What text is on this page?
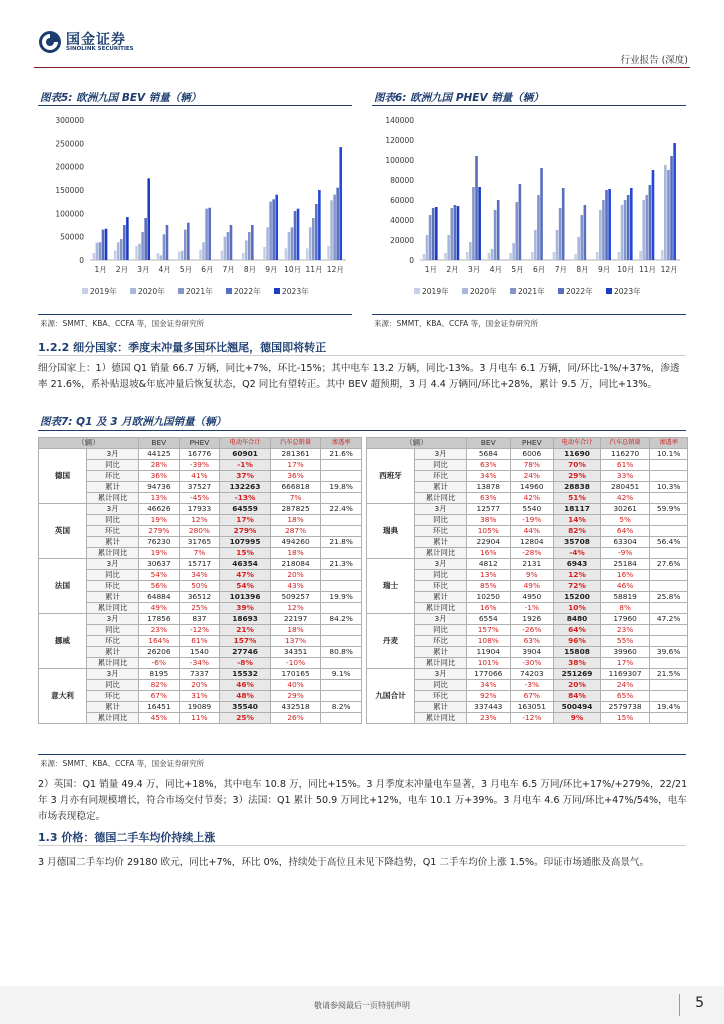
国金证券
SINOLINK SECURITIES
行业报告 (深度)
图表5: 欧洲九国 BEV 销量（辆）
0
50000
100000
150000
200000
250000
300000
1月 2月 3月 4月 5月 6月 7月 8月 9月 10月 11月 12月
2019年	2020年	2021年	2022年	2023年
来源：SMMT、KBA、CCFA 等，国金证券研究所
图表6: 欧洲九国 PHEV 销量（辆）
0
20000
40000
60000
80000
100000
120000
140000
1月 2月 3月 4月 5月 6月 7月 8月 9月 10月 11月 12月
2019年	2020年	2021年	2022年	2023年
来源：SMMT、KBA、CCFA 等，国金证券研究所
1.2.2 细分国家：季度末冲量多国环比翘尾，德国即将转正
细分国家上：1）德国 Q1 销量 66.7 万辆，同比+7%，环比-15%；其中电车 13.2 万辆，同比-13%。3 月电车 6.1 万辆，同/环比-1%/+37%，渗透率 21.6%，系补贴退坡&年底冲量后恢复状态，Q2 同比有望转正。其中 BEV 超预期，3 月 4.4 万辆同/环比+28%，累计 9.5 万，同比+13%。
图表7: Q1 及 3 月欧洲九国销量（辆）
（辆）		BEV	PHEV	电动车合计	汽车总销量	渗透率
德国	3月	44125	16776	60901	281361	21.6%
	同比	28%	-39%	-1%	17%	
	环比	36%	41%	37%	36%	
	累计	94736	37527	132263	666818	19.8%
	累计同比	13%	-45%	-13%	7%	
英国	3月	46626	17933	64559	287825	22.4%
	同比	19%	12%	17%	18%	
	环比	279%	280%	279%	287%	
	累计	76230	31765	107995	494260	21.8%
	累计同比	19%	7%	15%	18%	
法国	3月	30637	15717	46354	218084	21.3%
	同比	54%	34%	47%	20%	
	环比	56%	50%	54%	43%	
	累计	64884	36512	101396	509257	19.9%
	累计同比	49%	25%	39%	12%	
挪威	3月	17856	837	18693	22197	84.2%
	同比	23%	-12%	21%	18%	
	环比	164%	61%	157%	137%	
	累计	26206	1540	27746	34351	80.8%
	累计同比	-6%	-34%	-8%	-10%	
意大利	3月	8195	7337	15532	170165	9.1%
	同比	82%	20%	46%	40%	
	环比	67%	31%	48%	29%	
	累计	16451	19089	35540	432518	8.2%
	累计同比	45%	11%	25%	26%	
（辆）		BEV	PHEV	电动车合计	汽车总销量	渗透率
西班牙	3月	5684	6006	11690	116270	10.1%
	同比	63%	78%	70%	61%	
	环比	34%	24%	29%	33%	
	累计	13878	14960	28838	280451	10.3%
	累计同比	63%	42%	51%	42%	
瑞典	3月	12577	5540	18117	30261	59.9%
	同比	38%	-19%	14%	5%	
	环比	105%	44%	82%	64%	
	累计	22904	12804	35708	63304	56.4%
	累计同比	16%	-28%	-4%	-9%	
瑞士	3月	4812	2131	6943	25184	27.6%
	同比	13%	9%	12%	16%	
	环比	85%	49%	72%	46%	
	累计	10250	4950	15200	58819	25.8%
	累计同比	16%	-1%	10%	8%	
丹麦	3月	6554	1926	8480	17960	47.2%
	同比	157%	-26%	64%	23%	
	环比	108%	63%	96%	55%	
	累计	11904	3904	15808	39960	39.6%
	累计同比	101%	-30%	38%	17%	
九国合计	3月	177066	74203	251269	1169307	21.5%
	同比	34%	-3%	20%	24%	
	环比	92%	67%	84%	65%	
	累计	337443	163051	500494	2579738	19.4%
	累计同比	23%	-12%	9%	15%	
来源：SMMT、KBA、CCFA 等，国金证券研究所
2）英国：Q1 销量 49.4 万，同比+18%，其中电车 10.8 万，同比+15%。3 月季度末冲量电车显著，3 月电车 6.5 万同/环比+17%/+279%，22/21 年 3 月亦有同规模增长，符合市场交付节奏；3）法国：Q1 累计 50.9 万同比+12%，电车 10.1 万+39%。3 月电车 4.6 万同/环比+47%/54%，电车市场表现稳定。
1.3 价格：德国二手车均价持续上涨
3 月德国二手车均价 29180 欧元，同比+7%，环比 0%，持续处于高位且未见下降趋势，Q1 二手车均价上涨 1.5%。印证市场通胀及高景气。
敬请参阅最后一页特别声明	5
